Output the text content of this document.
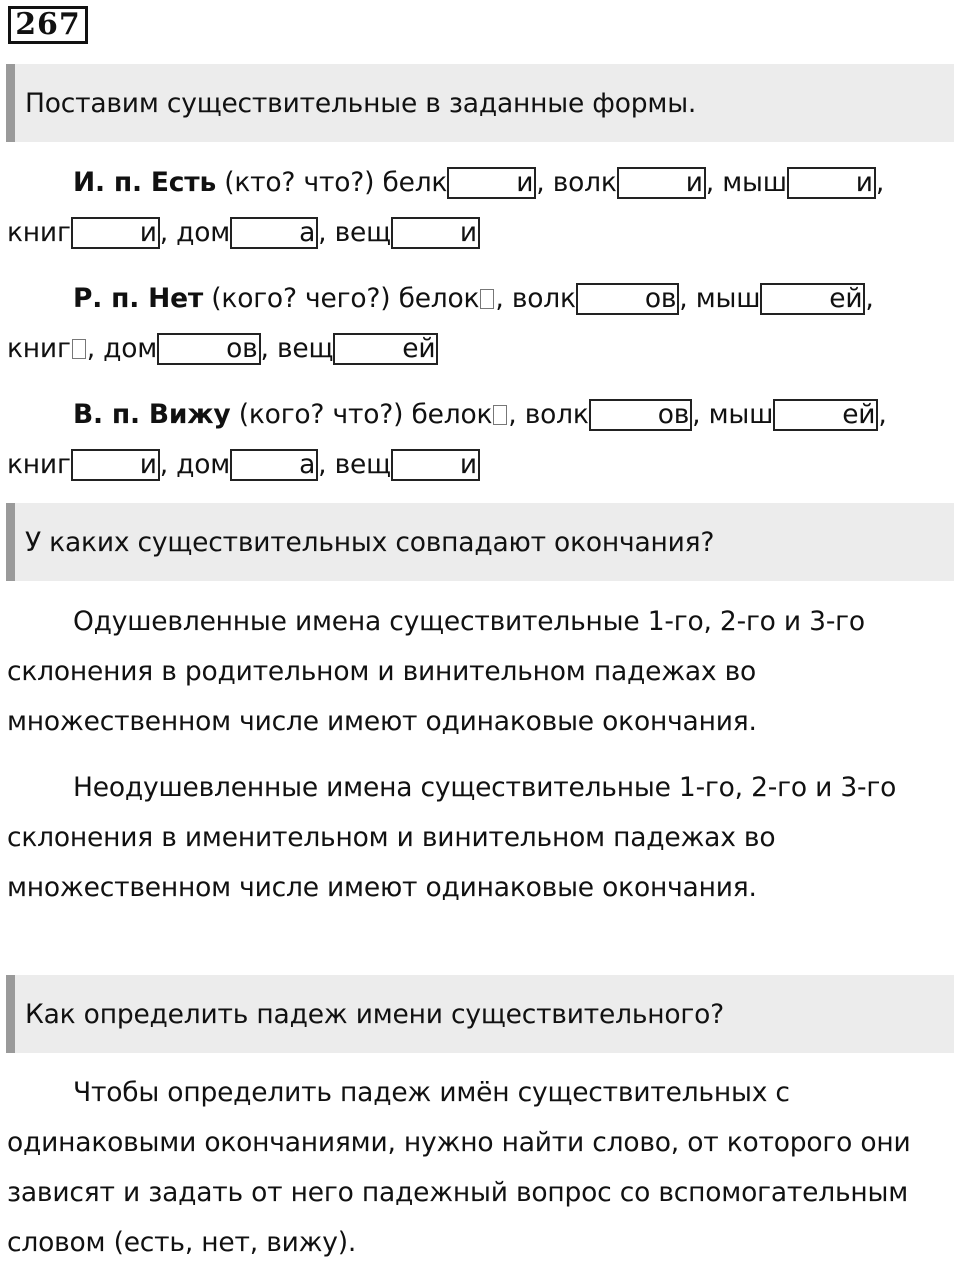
267
Поставим существительные в заданные формы.

И. п. Есть (кто? что?) белк	и , волк	и , мыш	и , книг	и , дом	а , вещ	и

Р. п. Нет (кого? чего?) белок , волк	ов , мыш	ей , книг , дом	ов , вещ	ей

В. п. Вижу (кого? что?) белок , волк	ов , мыш	ей , книг	и , дом	а , вещ	и

У каких существительных совпадают окончания?

Одушевленные имена существительные 1-го, 2-го и 3-го склонения в родительном и винительном падежах во множественном числе имеют одинаковые окончания.

Неодушевленные имена существительные 1-го, 2-го и 3-го склонения в именительном и винительном падежах во множественном числе имеют одинаковые окончания.

Как определить падеж имени существительного?

Чтобы определить падеж имён существительных с одинаковыми окончаниями, нужно найти слово, от которого они зависят и задать от него падежный вопрос со вспомогательным словом (есть, нет, вижу).
